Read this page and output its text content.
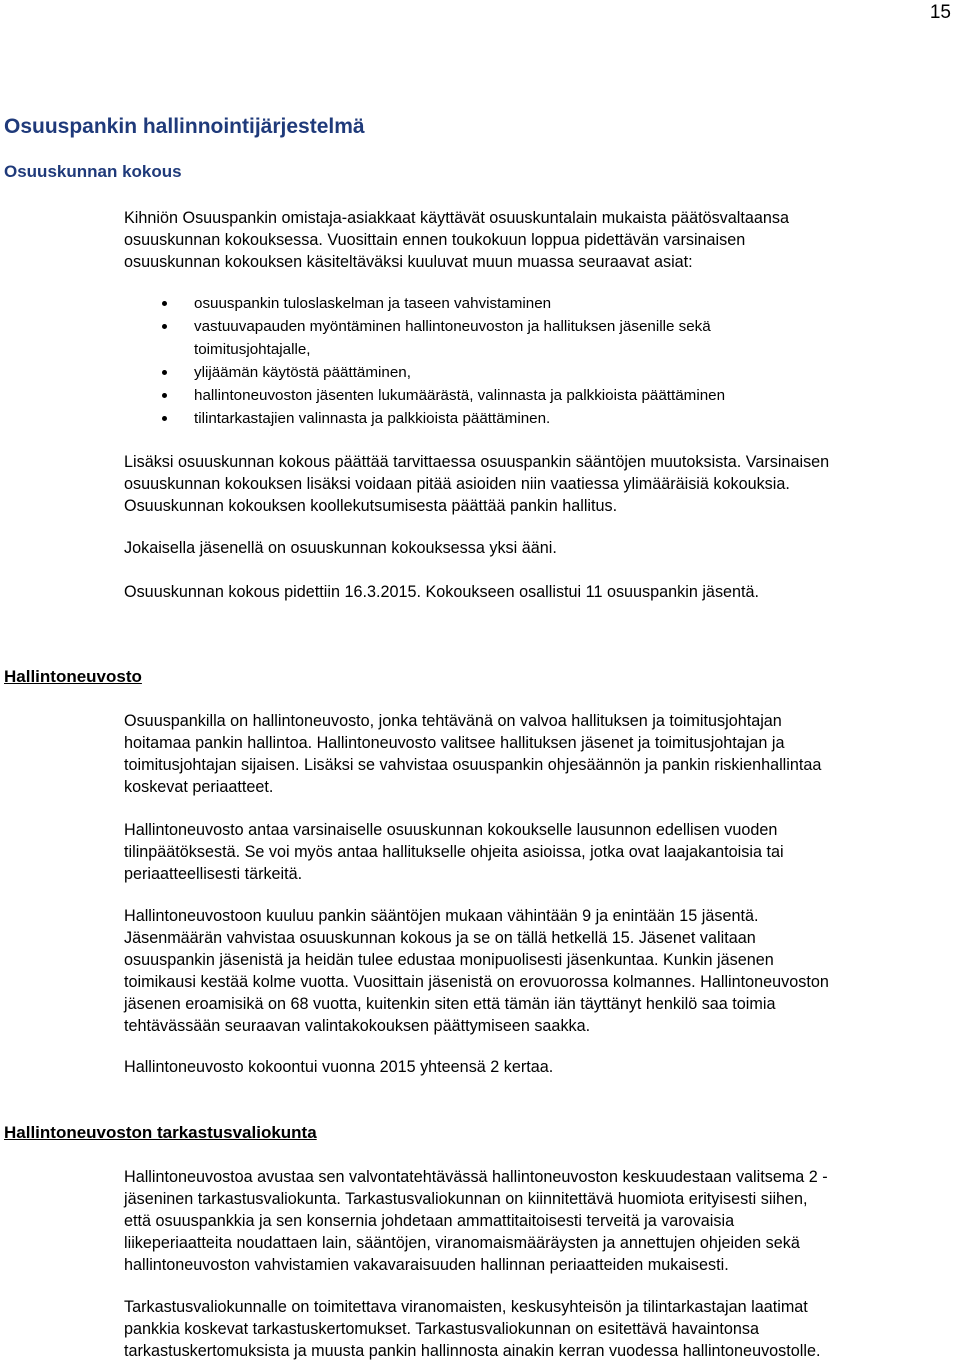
15
Osuuspankin hallinnointijärjestelmä
Osuuskunnan kokous
Kihniön Osuuspankin omistaja-asiakkaat käyttävät osuuskuntalain mukaista päätösvaltaansa
osuuskunnan kokouksessa. Vuosittain ennen toukokuun loppua pidettävän varsinaisen
osuuskunnan kokouksen käsiteltäväksi kuuluvat muun muassa seuraavat asiat:
osuuspankin tuloslaskelman ja taseen vahvistaminen
vastuuvapauden myöntäminen hallintoneuvoston ja hallituksen jäsenille sekä
toimitusjohtajalle,
ylijäämän käytöstä päättäminen,
hallintoneuvoston jäsenten lukumäärästä, valinnasta ja palkkioista päättäminen
tilintarkastajien valinnasta ja palkkioista päättäminen.
Lisäksi osuuskunnan kokous päättää tarvittaessa osuuspankin sääntöjen muutoksista. Varsinaisen
osuuskunnan kokouksen lisäksi voidaan pitää asioiden niin vaatiessa ylimääräisiä kokouksia.
Osuuskunnan kokouksen koollekutsumisesta päättää pankin hallitus.
Jokaisella jäsenellä on osuuskunnan kokouksessa yksi ääni.
Osuuskunnan kokous pidettiin 16.3.2015. Kokoukseen osallistui 11 osuuspankin jäsentä.
Hallintoneuvosto
Osuuspankilla on hallintoneuvosto, jonka tehtävänä on valvoa hallituksen ja toimitusjohtajan
hoitamaa pankin hallintoa. Hallintoneuvosto valitsee hallituksen jäsenet ja toimitusjohtajan ja
toimitusjohtajan sijaisen. Lisäksi se vahvistaa osuuspankin ohjesäännön ja pankin riskienhallintaa
koskevat periaatteet.
Hallintoneuvosto antaa varsinaiselle osuuskunnan kokoukselle lausunnon edellisen vuoden
tilinpäätöksestä. Se voi myös antaa hallitukselle ohjeita asioissa, jotka ovat laajakantoisia tai
periaatteellisesti tärkeitä.
Hallintoneuvostoon kuuluu pankin sääntöjen mukaan vähintään 9 ja enintään 15 jäsentä.
Jäsenmäärän vahvistaa osuuskunnan kokous ja se on tällä hetkellä 15. Jäsenet valitaan
osuuspankin jäsenistä ja heidän tulee edustaa monipuolisesti jäsenkuntaa. Kunkin jäsenen
toimikausi kestää kolme vuotta. Vuosittain jäsenistä on erovuorossa kolmannes. Hallintoneuvoston
jäsenen eroamisikä on 68 vuotta, kuitenkin siten että tämän iän täyttänyt henkilö saa toimia
tehtävässään seuraavan valintakokouksen päättymiseen saakka.
Hallintoneuvosto kokoontui vuonna 2015 yhteensä 2 kertaa.
Hallintoneuvoston tarkastusvaliokunta
Hallintoneuvostoa avustaa sen valvontatehtävässä hallintoneuvoston keskuudestaan valitsema 2 -
jäseninen tarkastusvaliokunta. Tarkastusvaliokunnan on kiinnitettävä huomiota erityisesti siihen,
että osuuspankkia ja sen konsernia johdetaan ammattitaitoisesti terveitä ja varovaisia
liikeperiaatteita noudattaen lain, sääntöjen, viranomaismääräysten ja annettujen ohjeiden sekä
hallintoneuvoston vahvistamien vakavaraisuuden hallinnan periaatteiden mukaisesti.
Tarkastusvaliokunnalle on toimitettava viranomaisten, keskusyhteisön ja tilintarkastajan laatimat
pankkia koskevat tarkastuskertomukset. Tarkastusvaliokunnan on esitettävä havaintonsa
tarkastuskertomuksista ja muusta pankin hallinnosta ainakin kerran vuodessa hallintoneuvostolle.
